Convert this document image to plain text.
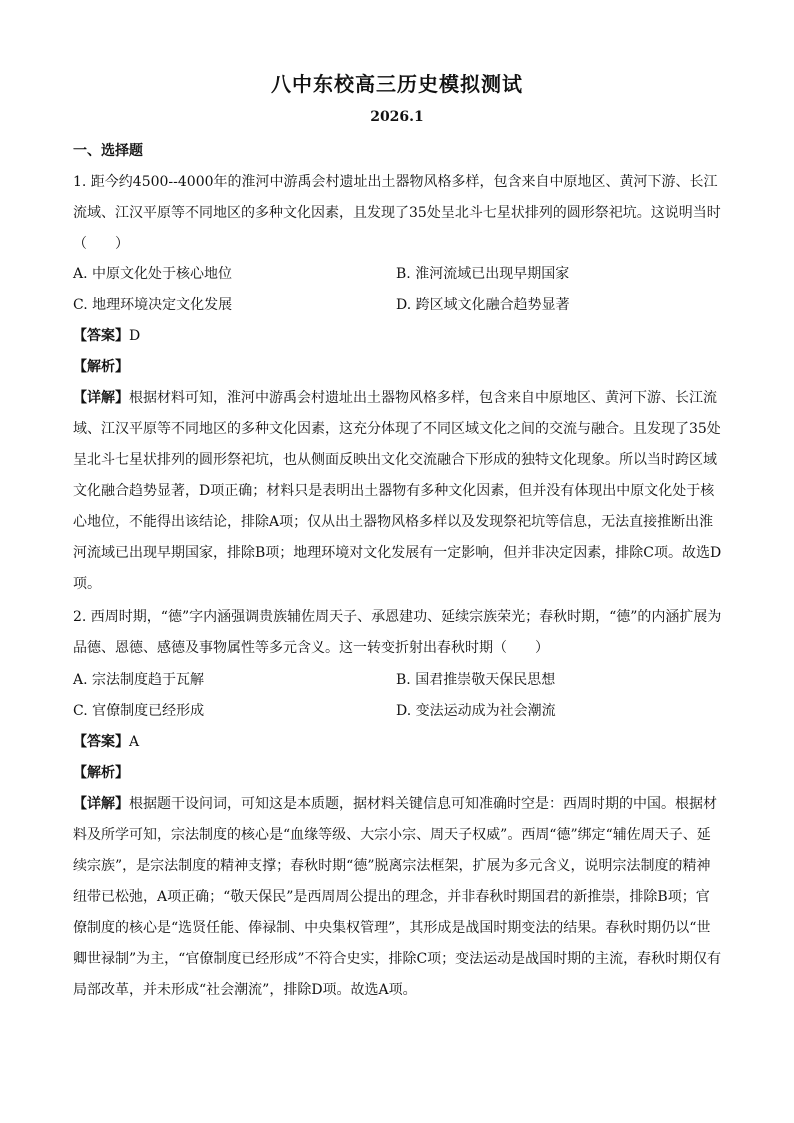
八中东校高三历史模拟测试
2026.1
一、选择题

1. 距今约4500--4000年的淮河中游禹会村遗址出土器物风格多样，包含来自中原地区、黄河下游、长江流域、江汉平原等不同地区的多种文化因素，且发现了35处呈北斗七星状排列的圆形祭祀坑。这说明当时（　　）

A. 中原文化处于核心地位	B. 淮河流域已出现早期国家
C. 地理环境决定文化发展	D. 跨区域文化融合趋势显著
【答案】D
【解析】

【详解】根据材料可知，淮河中游禹会村遗址出土器物风格多样，包含来自中原地区、黄河下游、长江流域、江汉平原等不同地区的多种文化因素，这充分体现了不同区域文化之间的交流与融合。且发现了35处呈北斗七星状排列的圆形祭祀坑，也从侧面反映出文化交流融合下形成的独特文化现象。所以当时跨区域文化融合趋势显著，D项正确；材料只是表明出土器物有多种文化因素，但并没有体现出中原文化处于核心地位，不能得出该结论，排除A项；仅从出土器物风格多样以及发现祭祀坑等信息，无法直接推断出淮河流域已出现早期国家，排除B项；地理环境对文化发展有一定影响，但并非决定因素，排除C项。故选D项。

2. 西周时期，“德”字内涵强调贵族辅佐周天子、承恩建功、延续宗族荣光；春秋时期，“德”的内涵扩展为品德、恩德、感德及事物属性等多元含义。这一转变折射出春秋时期（　　）

A. 宗法制度趋于瓦解	B. 国君推崇敬天保民思想
C. 官僚制度已经形成	D. 变法运动成为社会潮流
【答案】A
【解析】

【详解】根据题干设问词，可知这是本质题，据材料关键信息可知准确时空是：西周时期的中国。根据材料及所学可知，宗法制度的核心是“血缘等级、大宗小宗、周天子权威”。西周“德”绑定“辅佐周天子、延续宗族”，是宗法制度的精神支撑；春秋时期“德”脱离宗法框架，扩展为多元含义，说明宗法制度的精神纽带已松弛，A项正确；“敬天保民”是西周周公提出的理念，并非春秋时期国君的新推崇，排除B项；官僚制度的核心是“选贤任能、俸禄制、中央集权管理”，其形成是战国时期变法的结果。春秋时期仍以“世卿世禄制”为主，“官僚制度已经形成”不符合史实，排除C项；变法运动是战国时期的主流，春秋时期仅有局部改革，并未形成“社会潮流”，排除D项。故选A项。
